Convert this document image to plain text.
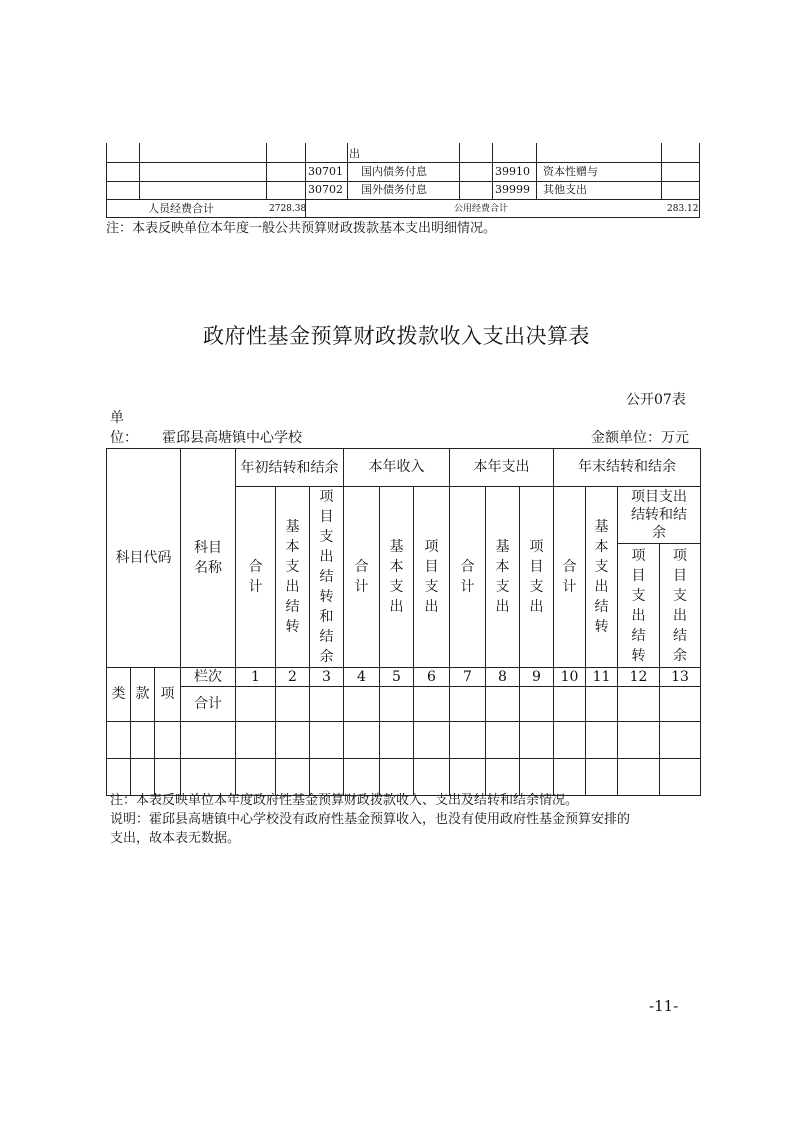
出
30701 国内债务付息	39910 资本性赠与
30702 国外债务付息	39999 其他支出
人员经费合计	2728.38	公用经费合计	283.12
注：本表反映单位本年度一般公共预算财政拨款基本支出明细情况。
政府性基金预算财政拨款收入支出决算表
公开07表
单
位： 霍邱县高塘镇中心学校	金额单位：万元
科目代码			科目名称	年初结转和结余			本年收入			本年支出			年末结转和结余			
				合计	基本支出结转	项目支出结转和结余	合计	基本支出	项目支出	合计	基本支出	项目支出	合计	基本支出结转	项目支出结转和结余	
															项目支出结转	项目支出结余
类	款	项	栏次	1	2	3	4	5	6	7	8	9	10	11	12	13
			合计													

注：本表反映单位本年度政府性基金预算财政拨款收入、支出及结转和结余情况。
说明：霍邱县高塘镇中心学校没有政府性基金预算收入，也没有使用政府性基金预算安排的
支出，故本表无数据。
-11-
